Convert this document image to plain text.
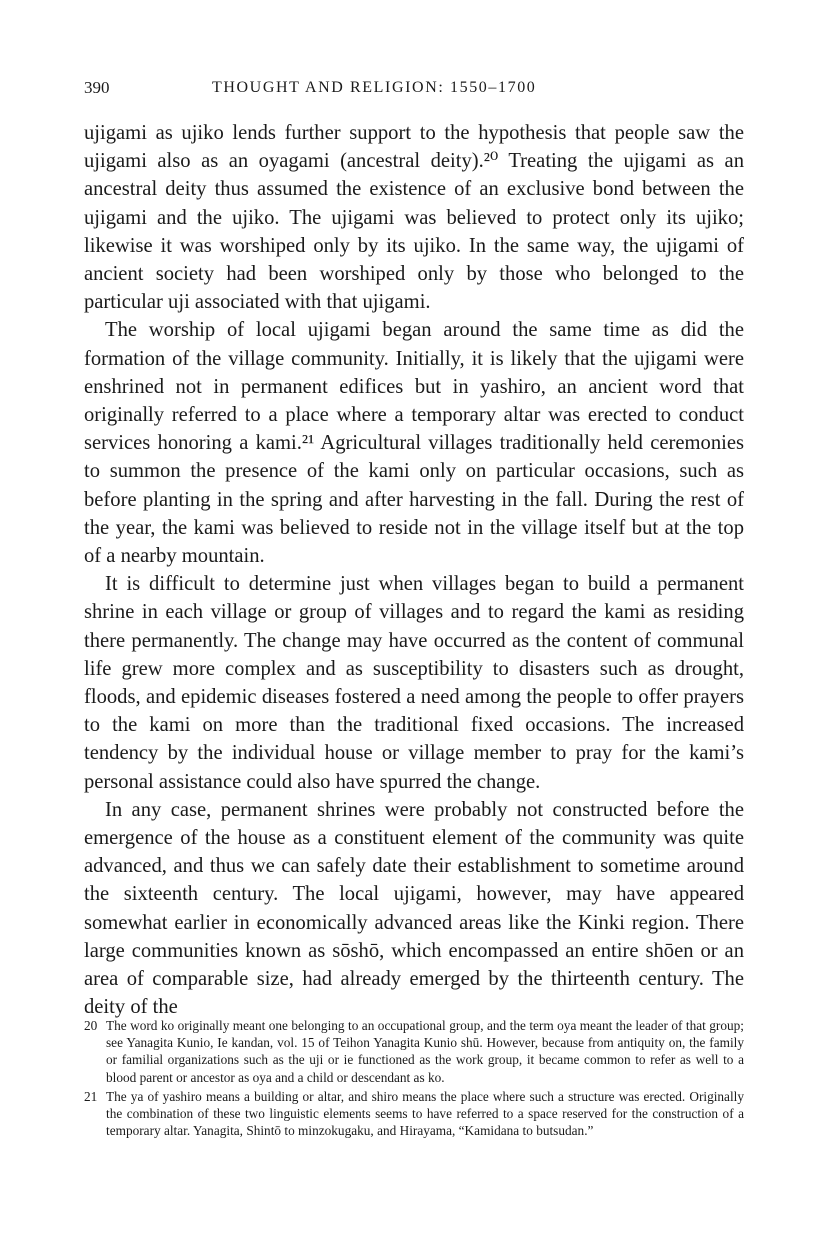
390	THOUGHT AND RELIGION: 1550–1700

ujigami as ujiko lends further support to the hypothesis that people saw the ujigami also as an oyagami (ancestral deity).²⁰ Treating the ujigami as an ancestral deity thus assumed the existence of an exclusive bond between the ujigami and the ujiko. The ujigami was believed to protect only its ujiko; likewise it was worshiped only by its ujiko. In the same way, the ujigami of ancient society had been worshiped only by those who belonged to the particular uji associated with that ujigami.

The worship of local ujigami began around the same time as did the formation of the village community. Initially, it is likely that the ujigami were enshrined not in permanent edifices but in yashiro, an ancient word that originally referred to a place where a temporary altar was erected to conduct services honoring a kami.²¹ Agricultural villages traditionally held ceremonies to summon the presence of the kami only on particular occasions, such as before planting in the spring and after harvesting in the fall. During the rest of the year, the kami was believed to reside not in the village itself but at the top of a nearby mountain.

It is difficult to determine just when villages began to build a permanent shrine in each village or group of villages and to regard the kami as residing there permanently. The change may have occurred as the content of communal life grew more complex and as susceptibility to disasters such as drought, floods, and epidemic diseases fostered a need among the people to offer prayers to the kami on more than the traditional fixed occasions. The increased tendency by the individual house or village member to pray for the kami’s personal assistance could also have spurred the change.

In any case, permanent shrines were probably not constructed before the emergence of the house as a constituent element of the community was quite advanced, and thus we can safely date their establishment to sometime around the sixteenth century. The local ujigami, however, may have appeared somewhat earlier in economically advanced areas like the Kinki region. There large communities known as sōshō, which encompassed an entire shōen or an area of comparable size, had already emerged by the thirteenth century. The deity of the

20 The word ko originally meant one belonging to an occupational group, and the term oya meant the leader of that group; see Yanagita Kunio, Ie kandan, vol. 15 of Teihon Yanagita Kunio shū. However, because from antiquity on, the family or familial organizations such as the uji or ie functioned as the work group, it became common to refer as well to a blood parent or ancestor as oya and a child or descendant as ko.

21 The ya of yashiro means a building or altar, and shiro means the place where such a structure was erected. Originally the combination of these two linguistic elements seems to have referred to a space reserved for the construction of a temporary altar. Yanagita, Shintō to minzokugaku, and Hirayama, “Kamidana to butsudan.”
